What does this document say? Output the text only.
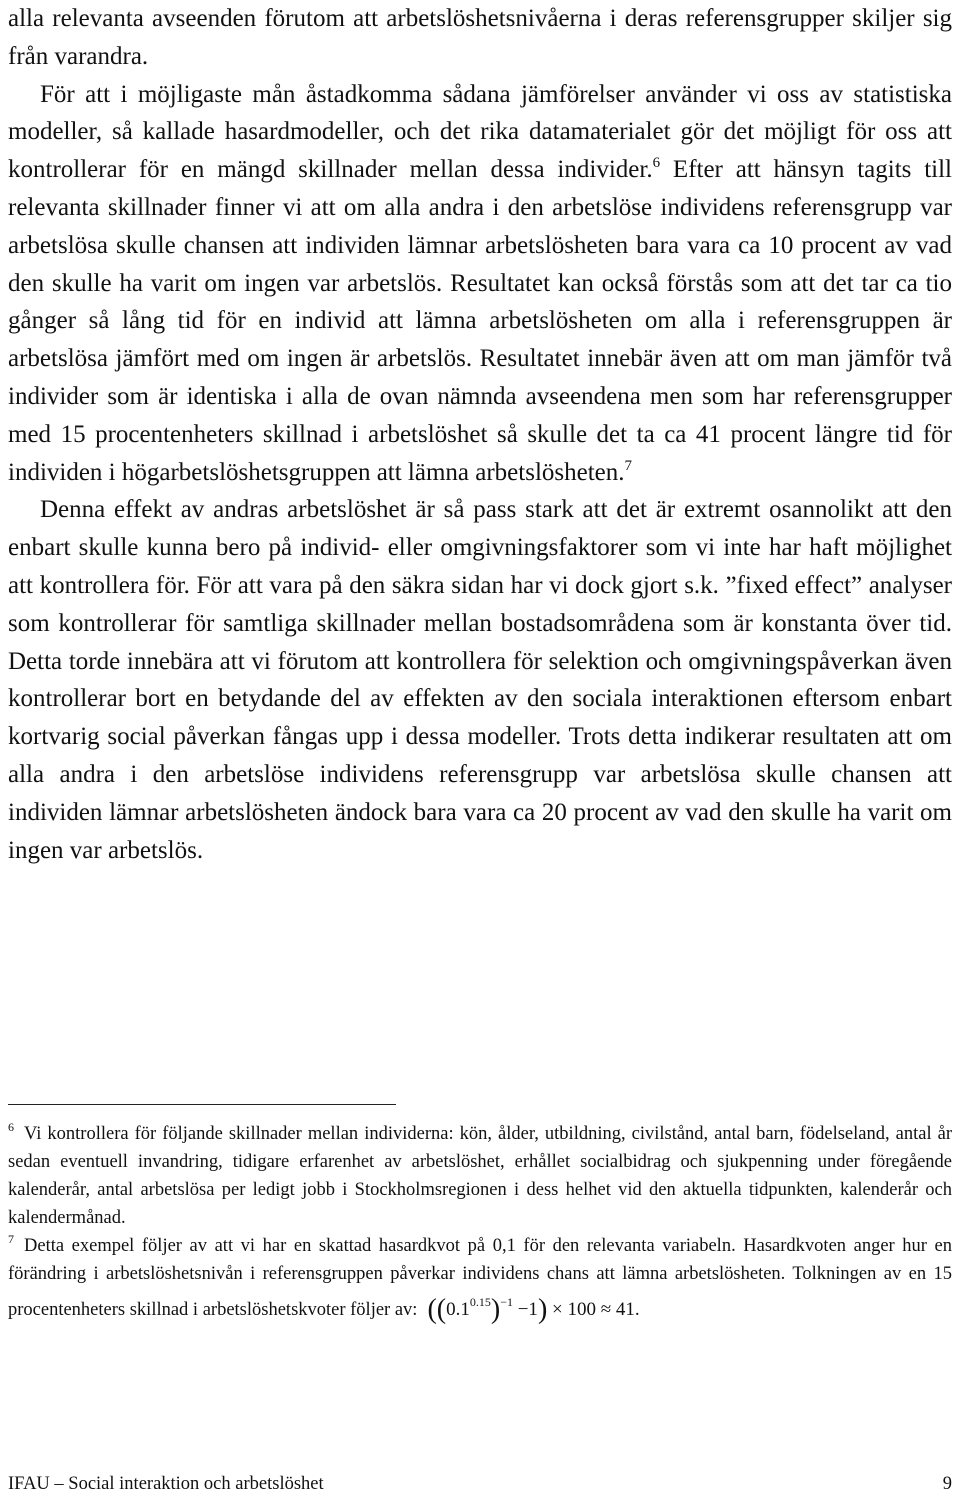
alla relevanta avseenden förutom att arbetslöshetsnivåerna i deras referensgrupper skiljer sig från varandra.

För att i möjligaste mån åstadkomma sådana jämförelser använder vi oss av statistiska modeller, så kallade hasardmodeller, och det rika datamaterialet gör det möjligt för oss att kontrollerar för en mängd skillnader mellan dessa individer.$^6$ Efter att hänsyn tagits till relevanta skillnader finner vi att om alla andra i den arbetslöse individens referensgrupp var arbetslösa skulle chansen att individen lämnar arbetslösheten bara vara ca 10 procent av vad den skulle ha varit om ingen var arbetslös. Resultatet kan också förstås som att det tar ca tio gånger så lång tid för en individ att lämna arbetslösheten om alla i referensgruppen är arbetslösa jämfört med om ingen är arbetslös. Resultatet innebär även att om man jämför två individer som är identiska i alla de ovan nämnda avseendena men som har referensgrupper med 15 procentenheters skillnad i arbetslöshet så skulle det ta ca 41 procent längre tid för individen i högarbetslöshetsgruppen att lämna arbetslösheten.$^7$

Denna effekt av andras arbetslöshet är så pass stark att det är extremt osannolikt att den enbart skulle kunna bero på individ- eller omgivningsfaktorer som vi inte har haft möjlighet att kontrollera för. För att vara på den säkra sidan har vi dock gjort s.k. ”fixed effect” analyser som kontrollerar för samtliga skillnader mellan bostadsområdena som är konstanta över tid. Detta torde innebära att vi förutom att kontrollera för selektion och omgivningspåverkan även kontrollerar bort en betydande del av effekten av den sociala interaktionen eftersom enbart kortvarig social påverkan fångas upp i dessa modeller. Trots detta indikerar resultaten att om alla andra i den arbetslöse individens referensgrupp var arbetslösa skulle chansen att individen lämnar arbetslösheten ändock bara vara ca 20 procent av vad den skulle ha varit om ingen var arbetslös.

$^6$ Vi kontrollera för följande skillnader mellan individerna: kön, ålder, utbildning, civilstånd, antal barn, födelseland, antal år sedan eventuell invandring, tidigare erfarenhet av arbetslöshet, erhållet socialbidrag och sjukpenning under föregående kalenderår, antal arbetslösa per ledigt jobb i Stockholmsregionen i dess helhet vid den aktuella tidpunkten, kalenderår och kalendermånad.

$^7$ Detta exempel följer av att vi har en skattad hasardkvot på 0,1 för den relevanta variabeln. Hasardkvoten anger hur en förändring i arbetslöshetsnivån i referensgruppen påverkar individens chans att lämna arbetslösheten. Tolkningen av en 15 procentenheters skillnad i arbetslöshetskvoter följer av: $((0.1^{0.15})^{-1} -1) \times 100 \approx 41$.

IFAU – Social interaktion och arbetslöshet	9
